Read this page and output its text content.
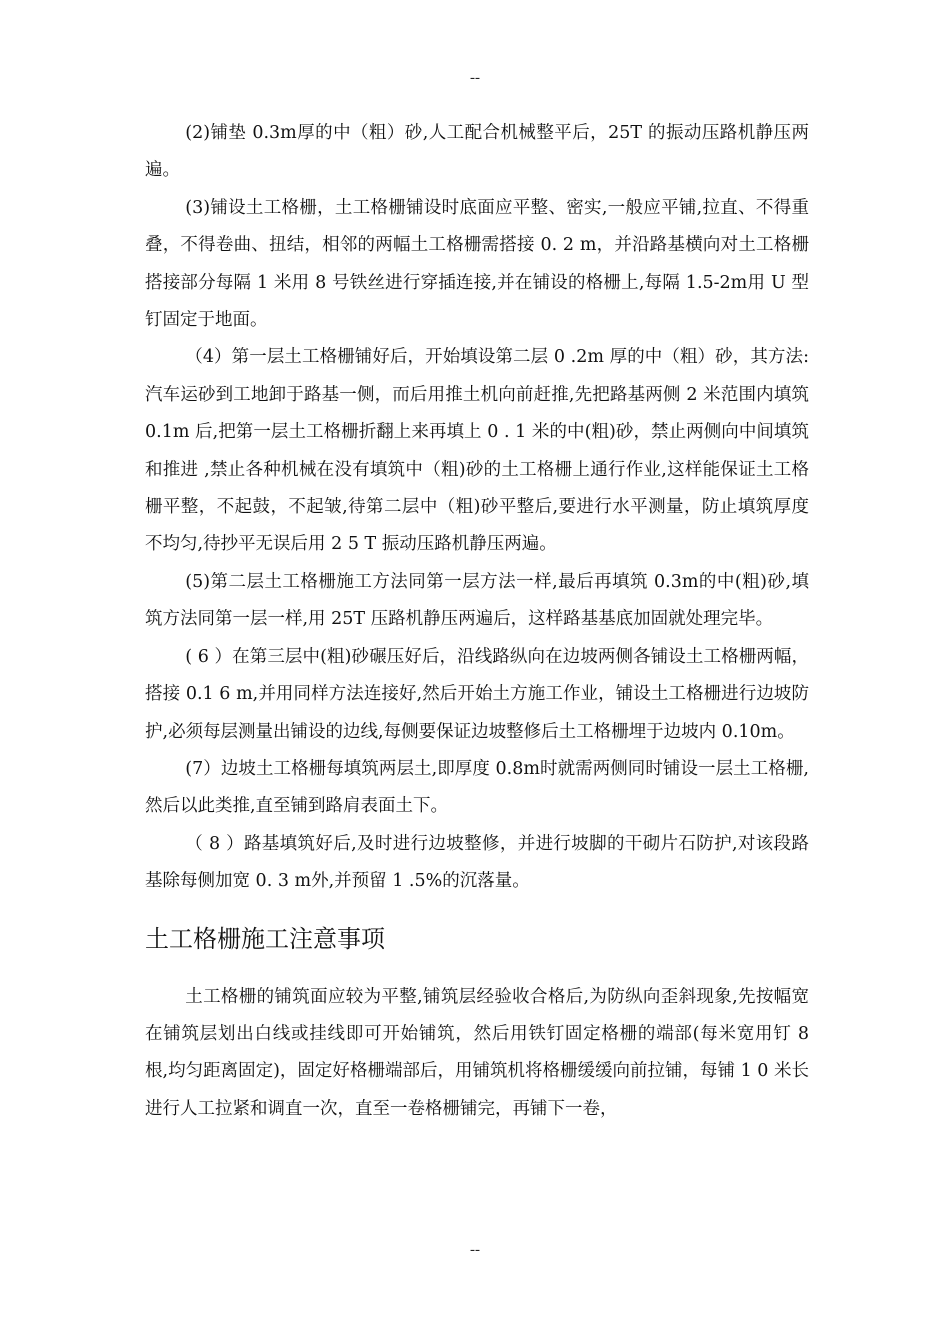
--

(2)铺垫 0.3m厚的中（粗）砂,人工配合机械整平后，25T 的振动压路机静压两遍。

(3)铺设土工格栅，土工格栅铺设时底面应平整、密实,一般应平铺,拉直、不得重叠，不得卷曲、扭结，相邻的两幅土工格栅需搭接 0. 2 m，并沿路基横向对土工格栅搭接部分每隔 1 米用 8 号铁丝进行穿插连接,并在铺设的格栅上,每隔 1.5-2m用 U 型钉固定于地面。

（4）第一层土工格栅铺好后，开始填设第二层 0 .2m 厚的中（粗）砂，其方法:汽车运砂到工地卸于路基一侧，而后用推土机向前赶推,先把路基两侧 2 米范围内填筑 0.1m 后,把第一层土工格栅折翻上来再填上 0 . 1 米的中(粗)砂，禁止两侧向中间填筑和推进 ,禁止各种机械在没有填筑中（粗)砂的土工格栅上通行作业,这样能保证土工格栅平整，不起鼓，不起皱,待第二层中（粗)砂平整后,要进行水平测量，防止填筑厚度不均匀,待抄平无误后用 2 5 T 振动压路机静压两遍。

(5)第二层土工格栅施工方法同第一层方法一样,最后再填筑 0.3m的中(粗)砂,填筑方法同第一层一样,用 25T 压路机静压两遍后，这样路基基底加固就处理完毕。

( 6 ）在第三层中(粗)砂碾压好后，沿线路纵向在边坡两侧各铺设土工格栅两幅，搭接 0.1 6 m,并用同样方法连接好,然后开始土方施工作业，铺设土工格栅进行边坡防护,必须每层测量出铺设的边线,每侧要保证边坡整修后土工格栅埋于边坡内 0.10m。

(7）边坡土工格栅每填筑两层土,即厚度 0.8m时就需两侧同时铺设一层土工格栅,然后以此类推,直至铺到路肩表面土下。

（ 8 ）路基填筑好后,及时进行边坡整修，并进行坡脚的干砌片石防护,对该段路基除每侧加宽 0. 3 m外,并预留 1 .5%的沉落量。

土工格栅施工注意事项

土工格栅的铺筑面应较为平整,铺筑层经验收合格后,为防纵向歪斜现象,先按幅宽在铺筑层划出白线或挂线即可开始铺筑，然后用铁钉固定格栅的端部(每米宽用钉 8 根,均匀距离固定)，固定好格栅端部后，用铺筑机将格栅缓缓向前拉铺，每铺 1 0 米长进行人工拉紧和调直一次，直至一卷格栅铺完，再铺下一卷，

--
